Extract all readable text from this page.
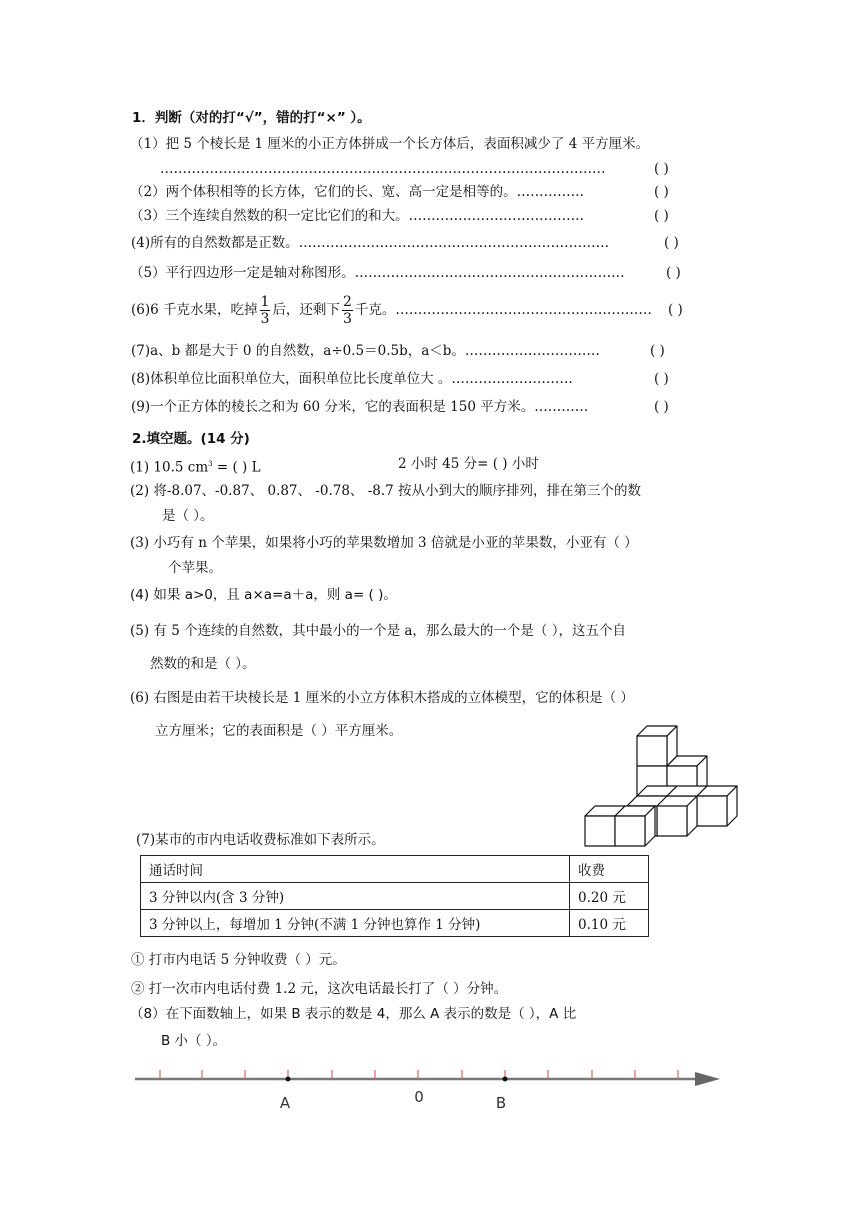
1．判断（对的打“√”，错的打“×” ）。
（1）把 5 个棱长是 1 厘米的小正方体拼成一个长方体后，表面积减少了 4 平方厘米。
………………………………………………………………………………………	( )
（2）两个体积相等的长方体，它们的长、宽、高一定是相等的。……………	( )
（3）三个连续自然数的积一定比它们的和大。…………………………………	( )
(4)所有的自然数都是正数。……………………………………………………………	( )
（5）平行四边形一定是轴对称图形。……………………………………………………	( )
(6)6 千克水果，吃掉 $\frac{1}{3}$ 后，还剩下 $\frac{2}{3}$ 千克。………………………………………………… ( )
(7)a、b 都是大于 0 的自然数，a÷0.5＝0.5b，a＜b。…………………………	( )
(8)体积单位比面积单位大，面积单位比长度单位大 。………………………	( )
(9)一个正方体的棱长之和为 60 分米，它的表面积是 150 平方米。…………	( )
2.填空题。(14 分)
(1) 10.5 $cm^3$ = ( ) L	2 小时 45 分= ( ) 小时
(2) 将-8.07、-0.87、 0.87、 -0.78、 -8.7 按从小到大的顺序排列，排在第三个的数
是（ ）。
(3) 小巧有 n 个苹果，如果将小巧的苹果数增加 3 倍就是小亚的苹果数，小亚有（ ）
个苹果。
(4) 如果 a>0，且 a×a=a＋a，则 a= ( )。
(5) 有 5 个连续的自然数，其中最小的一个是 a，那么最大的一个是（ ），这五个自
然数的和是（ ）。
(6) 右图是由若干块棱长是 1 厘米的小立方体积木搭成的立体模型，它的体积是（ ）
立方厘米；它的表面积是（ ）平方厘米。
(7)某市的市内电话收费标准如下表所示。
通话时间	收费
3 分钟以内(含 3 分钟)	0.20 元
3 分钟以上，每增加 1 分钟(不满 1 分钟也算作 1 分钟)	0.10 元
① 打市内电话 5 分钟收费（ ）元。
② 打一次市内电话付费 1.2 元，这次电话最长打了（ ）分钟。
（8）在下面数轴上，如果 B 表示的数是 4，那么 A 表示的数是（ ），A 比
B 小（ ）。
A	0	B
